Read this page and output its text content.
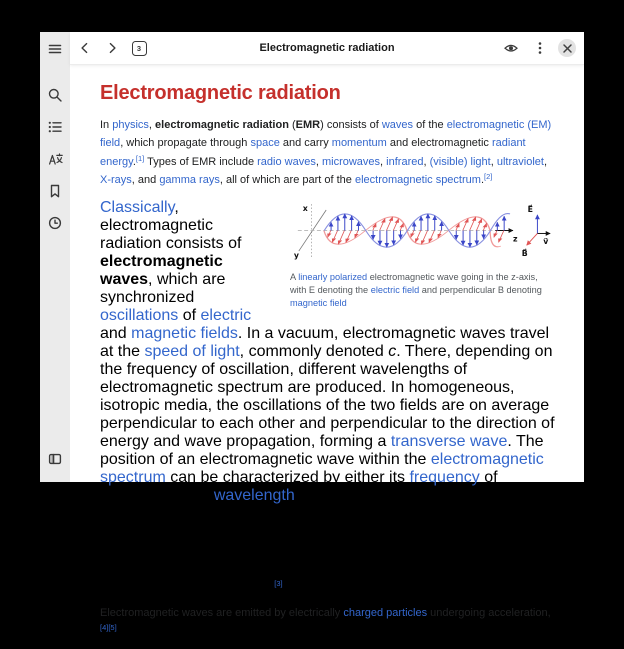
3	Electromagnetic radiation
Electromagnetic radiation

In physics, electromagnetic radiation (EMR) consists of waves of the electromagnetic (EM) field, which propagate through space and carry momentum and electromagnetic radiant energy.[1] Types of EMR include radio waves, microwaves, infrared, (visible) light, ultraviolet, X-rays, and gamma rays, all of which are part of the electromagnetic spectrum.[2]

x
y
z
E⃗
v⃗
B⃗
A linearly polarized electromagnetic wave going in the z-axis, with E denoting the electric field and perpendicular B denoting magnetic field
Classically, electromagnetic radiation consists of electromagnetic waves, which are synchronized oscillations of electric and magnetic fields. In a vacuum, electromagnetic waves travel at the speed of light, commonly denoted c. There, depending on the frequency of oscillation, different wavelengths of electromagnetic spectrum are produced. In homogeneous, isotropic media, the oscillations of the two fields are on average perpendicular to each other and perpendicular to the direction of energy and wave propagation, forming a transverse wave. The position of an electromagnetic wave within the electromagnetic spectrum can be characterized by either its frequency of oscillation or its wavelength. Electromagnetic waves of different frequency are called by different names since they have different sources and effects on matter. In order of increasing frequency and decreasing wavelength these are: radio waves, microwaves, infrared radiation, visible light, ultraviolet radiation, X-rays and gamma rays.[3]

Electromagnetic waves are emitted by electrically charged particles undergoing acceleration,[4][5]
